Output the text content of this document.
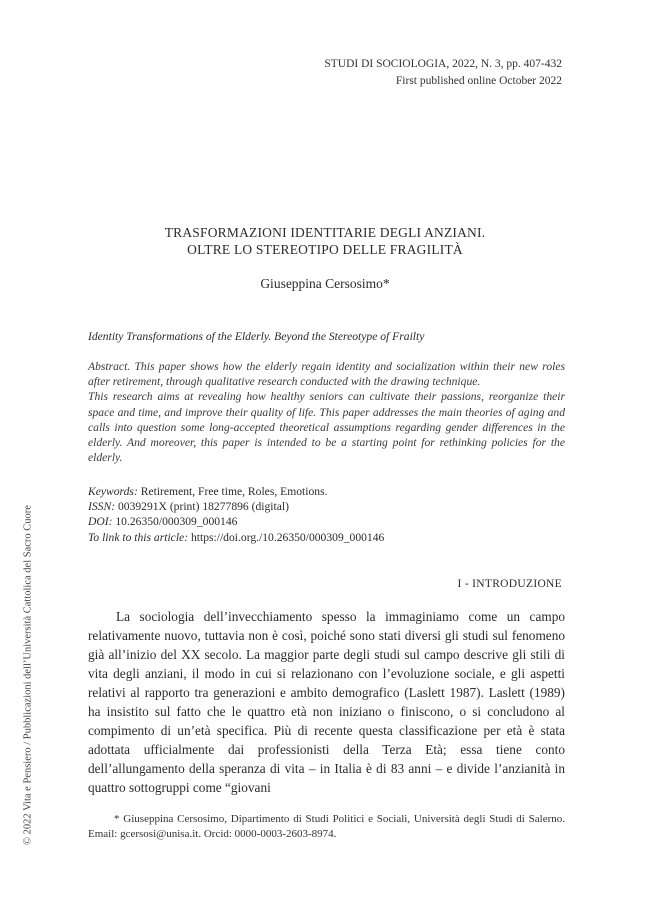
STUDI DI SOCIOLOGIA, 2022, N. 3, pp. 407-432
First published online October 2022
TRASFORMAZIONI IDENTITARIE DEGLI ANZIANI.
OLTRE LO STEREOTIPO DELLE FRAGILITÀ
Giuseppina Cersosimo*
Identity Transformations of the Elderly. Beyond the Stereotype of Frailty

Abstract. This paper shows how the elderly regain identity and socialization within their new roles after retirement, through qualitative research conducted with the drawing technique.

This research aims at revealing how healthy seniors can cultivate their passions, reorganize their space and time, and improve their quality of life. This paper addresses the main theories of aging and calls into question some long-accepted theoretical assumptions regarding gender differences in the elderly. And moreover, this paper is intended to be a starting point for rethinking policies for the elderly.

Keywords: Retirement, Free time, Roles, Emotions.
ISSN: 0039291X (print) 18277896 (digital)
DOI: 10.26350/000309_000146
To link to this article: https://doi.org./10.26350/000309_000146
I - INTRODUZIONE

La sociologia dell’invecchiamento spesso la immaginiamo come un campo relativamente nuovo, tuttavia non è così, poiché sono stati diversi gli studi sul fenomeno già all’inizio del XX secolo. La maggior parte degli studi sul campo descrive gli stili di vita degli anziani, il modo in cui si relazionano con l’evoluzione sociale, e gli aspetti relativi al rapporto tra generazioni e ambito demografico (Laslett 1987). Laslett (1989) ha insistito sul fatto che le quattro età non iniziano o finiscono, o si concludono al compimento di un’età specifica. Più di recente questa classificazione per età è stata adottata ufficialmente dai professionisti della Terza Età; essa tiene conto dell’allungamento della speranza di vita – in Italia è di 83 anni – e divide l’anzianità in quattro sottogruppi come “giovani

* Giuseppina Cersosimo, Dipartimento di Studi Politici e Sociali, Università degli Studi di Salerno. Email: gcersosi@unisa.it. Orcid: 0000-0003-2603-8974.

© 2022 Vita e Pensiero / Pubblicazioni dell’Università Cattolica del Sacro Cuore
